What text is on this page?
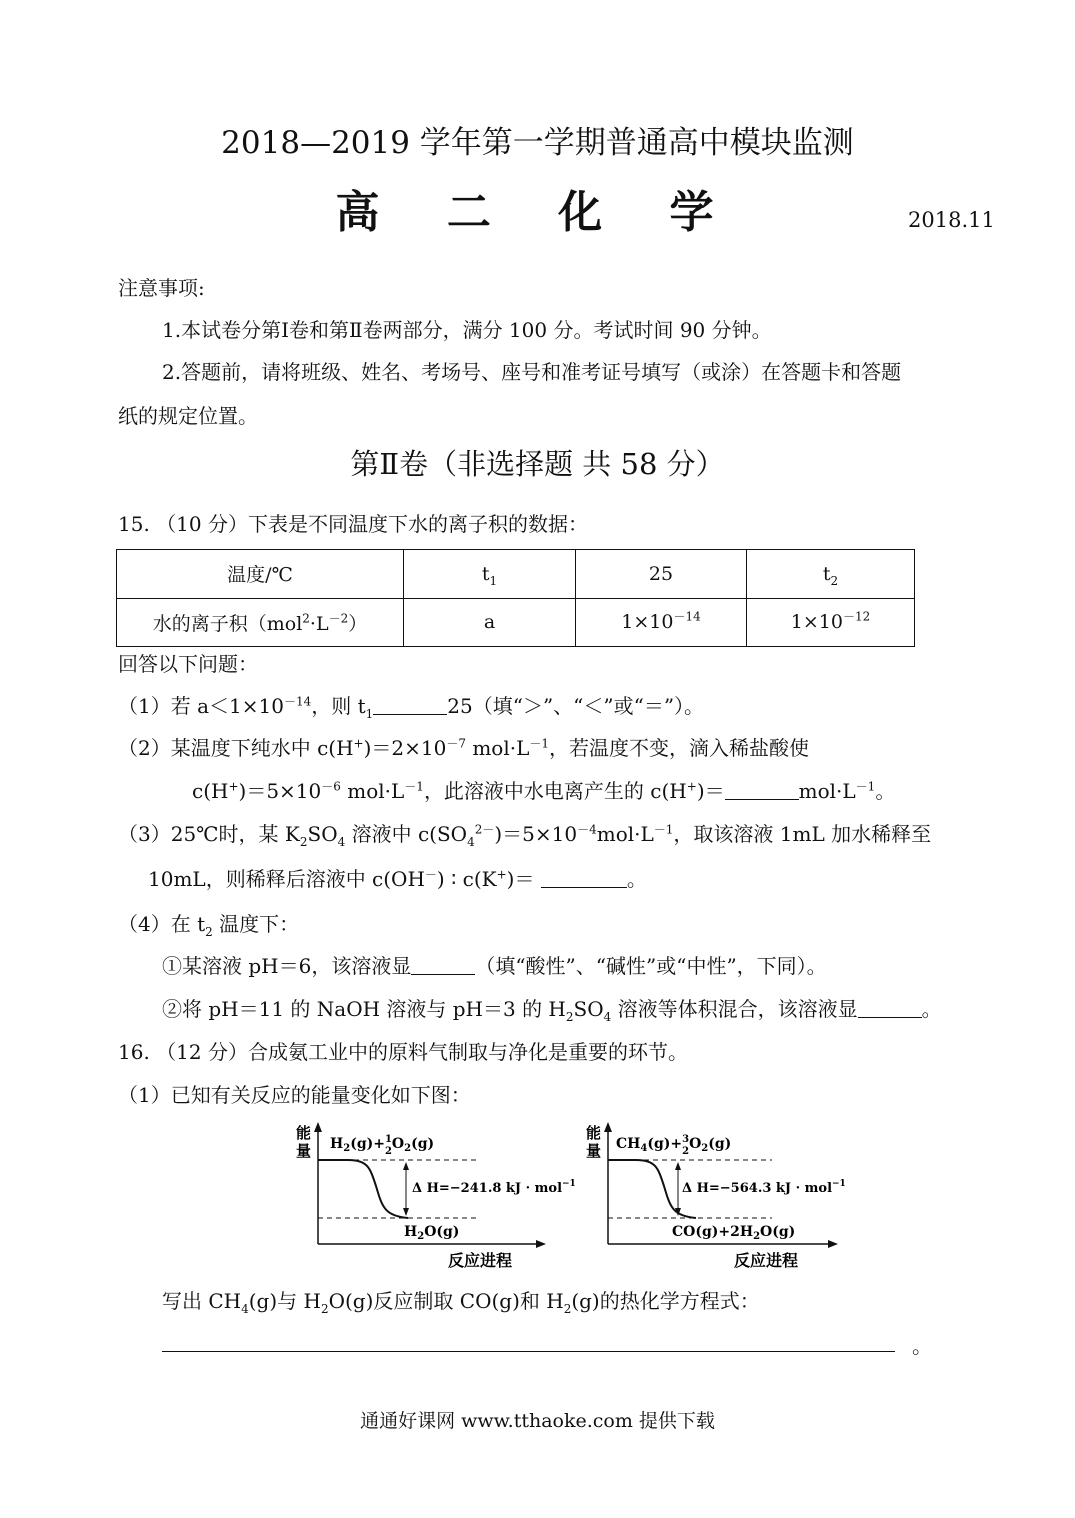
2018—2019 学年第一学期普通高中模块监测
高 二 化 学	2018.11
注意事项:
1.本试卷分第Ⅰ卷和第Ⅱ卷两部分，满分 100 分。考试时间 90 分钟。
2.答题前，请将班级、姓名、考场号、座号和准考证号填写（或涂）在答题卡和答题
纸的规定位置。
第Ⅱ卷（非选择题 共 58 分）
15. （10 分）下表是不同温度下水的离子积的数据：
温度/℃	$t_1$	25	$t_2$
水的离子积$(mol^2\cdot L^{-2})$	a	$1\times 10^{-14}$	$1\times 10^{-12}$
回答以下问题：
（1）若 $a<1\times 10^{-14}$，则 $t_1$	25（填“＞”、“＜”或“＝”）。
（2）某温度下纯水中 $c(H^+)=2\times 10^{-7}$ $mol\cdot L^{-1}$，若温度不变，滴入稀盐酸使
$c(H^+)=5\times 10^{-6}$ $mol\cdot L^{-1}$，此溶液中水电离产生的 c(H+)＝	$mol\cdot L^{-1}$。
（3）25℃时，某 $K_2SO_4$ 溶液中 $c(SO_4^{2-})=5\times 10^{-4}mol\cdot L^{-1}$，取该溶液 1mL 加水稀释至
10mL，则稀释后溶液中 c(OH－) ∶ c(K+)＝	。
（4）在 $t_2$ 温度下：
①某溶液 pH＝6，该溶液显	（填“酸性”、“碱性”或“中性”，下同）。
②将 pH＝11 的 NaOH 溶液与 pH＝3 的 $H_2SO_4$ 溶液等体积混合，该溶液显	。
16. （12 分）合成氨工业中的原料气制取与净化是重要的环节。
（1）已知有关反应的能量变化如下图：
能
量 $H_2(g)+^1$ $2O_2(g)$
Δ H=−241.8 kJ · mol$^{-1}$
$H_2O(g)$
反应进程
能
量 $CH_4(g)+^3$ $2O_2(g)$
Δ H=−564.3 kJ · mol$^{-1}$
$CO(g)+2H_2O(g)$
反应进程
写出 $CH_4(g)$与 $H_2O(g)$反应制取 CO(g)和 $H_2(g)$的热化学方程式：
。
通通好课网 www.tthaoke.com 提供下载
